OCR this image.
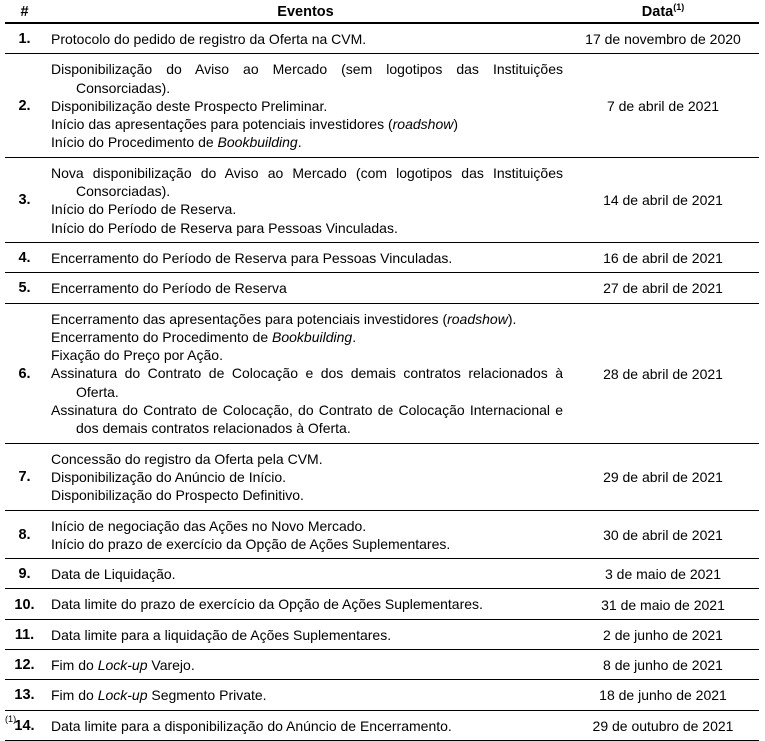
#	Eventos	Data$^{(1)}$
1.	Protocolo do pedido de registro da Oferta na CVM.	17 de novembro de 2020
2.	Disponibilização do Aviso ao Mercado (sem logotipos das Instituições Consorciadas).
Disponibilização deste Prospecto Preliminar.
Início das apresentações para potenciais investidores (roadshow)
Início do Procedimento de Bookbuilding.	7 de abril de 2021
3.	Nova disponibilização do Aviso ao Mercado (com logotipos das Instituições Consorciadas).
Início do Período de Reserva.
Início do Período de Reserva para Pessoas Vinculadas.	14 de abril de 2021
4.	Encerramento do Período de Reserva para Pessoas Vinculadas.	16 de abril de 2021
5.	Encerramento do Período de Reserva	27 de abril de 2021
6.	Encerramento das apresentações para potenciais investidores (roadshow).
Encerramento do Procedimento de Bookbuilding.
Fixação do Preço por Ação.
Assinatura do Contrato de Colocação e dos demais contratos relacionados à Oferta.
Assinatura do Contrato de Colocação, do Contrato de Colocação Internacional e dos demais contratos relacionados à Oferta.	28 de abril de 2021
7.	Concessão do registro da Oferta pela CVM.
Disponibilização do Anúncio de Início.
Disponibilização do Prospecto Definitivo.	29 de abril de 2021
8.	Início de negociação das Ações no Novo Mercado.
Início do prazo de exercício da Opção de Ações Suplementares.	30 de abril de 2021
9.	Data de Liquidação.	3 de maio de 2021
10.	Data limite do prazo de exercício da Opção de Ações Suplementares.	31 de maio de 2021
11.	Data limite para a liquidação de Ações Suplementares.	2 de junho de 2021
12.	Fim do Lock-up Varejo.	8 de junho de 2021
13.	Fim do Lock-up Segmento Private.	18 de junho de 2021
14.	Data limite para a disponibilização do Anúncio de Encerramento.	29 de outubro de 2021
$^{(1)}$
